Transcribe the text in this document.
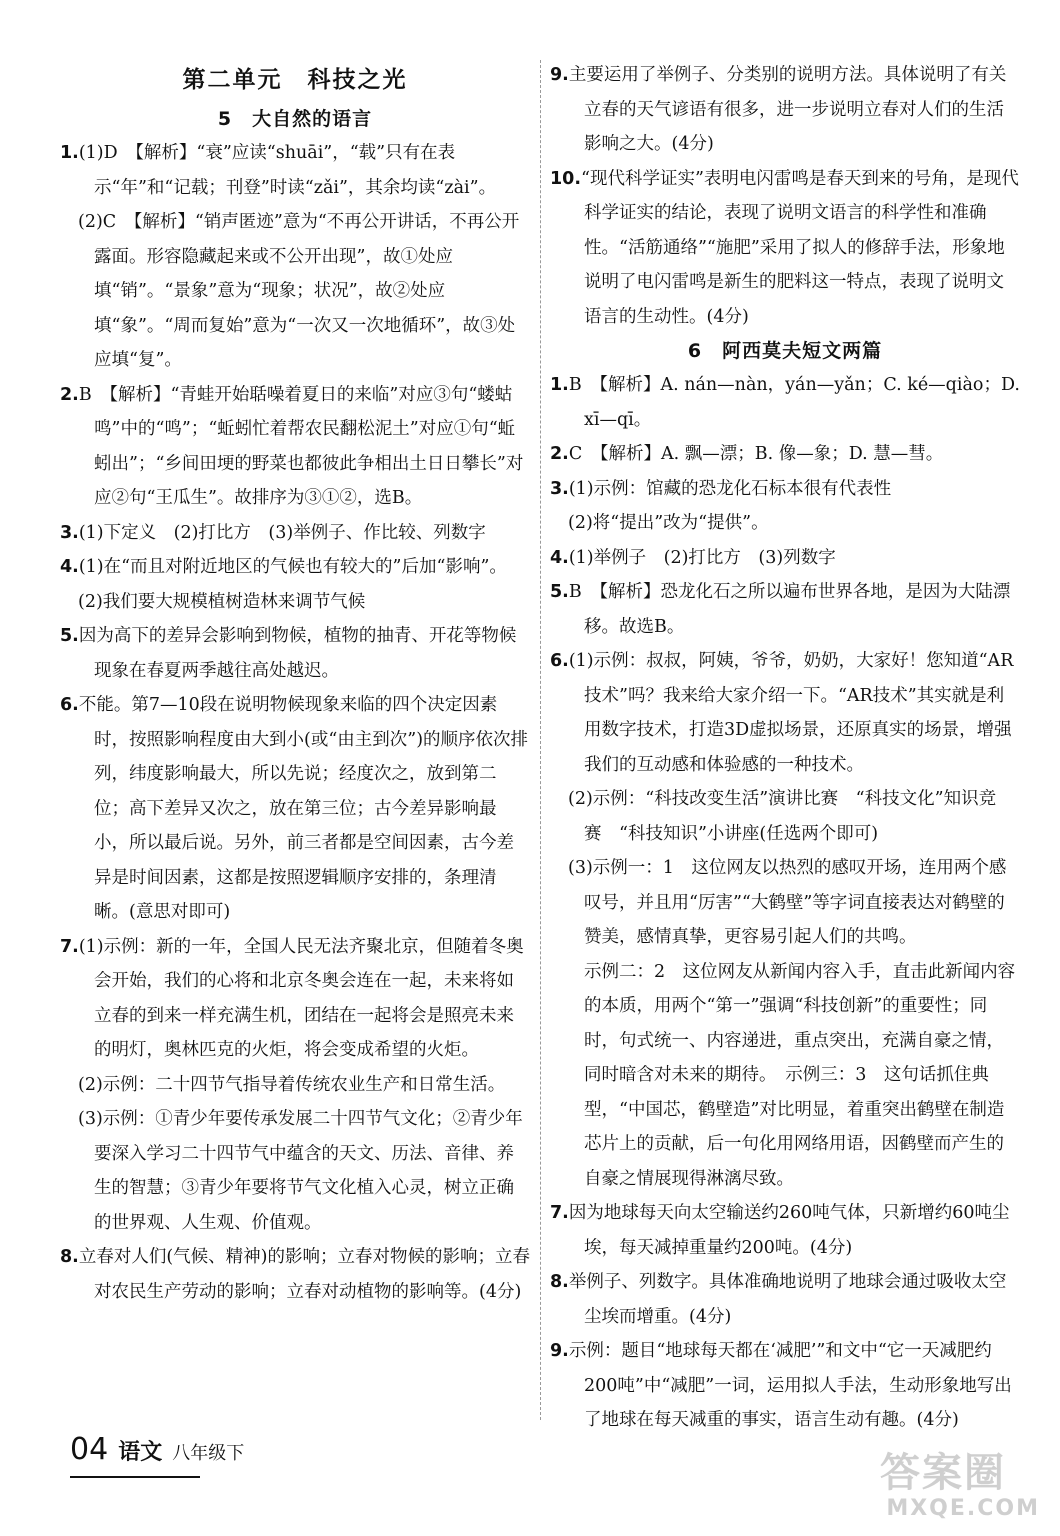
第二单元　科技之光
5　大自然的语言
1.(1)D　【解析】“衰”应读“shuāi”，“载”只有在表示“年”和“记载；刊登”时读“zǎi”，其余均读“zài”。
(2)C　【解析】“销声匿迹”意为“不再公开讲话，不再公开露面。形容隐藏起来或不公开出现”，故①处应填“销”。“景象”意为“现象；状况”，故②处应填“象”。“周而复始”意为“一次又一次地循环”，故③处应填“复”。
2.B　【解析】“青蛙开始聒噪着夏日的来临”对应③句“蝼蛄鸣”中的“鸣”；“蚯蚓忙着帮农民翻松泥土”对应①句“蚯蚓出”；“乡间田埂的野菜也都彼此争相出土日日攀长”对应②句“王瓜生”。故排序为③①②，选B。
3.(1)下定义　(2)打比方　(3)举例子、作比较、列数字
4.(1)在“而且对附近地区的气候也有较大的”后加“影响”。
(2)我们要大规模植树造林来调节气候
5.因为高下的差异会影响到物候，植物的抽青、开花等物候现象在春夏两季越往高处越迟。
6.不能。第7—10段在说明物候现象来临的四个决定因素时，按照影响程度由大到小(或“由主到次”)的顺序依次排列，纬度影响最大，所以先说；经度次之，放到第二位；高下差异又次之，放在第三位；古今差异影响最小，所以最后说。另外，前三者都是空间因素，古今差异是时间因素，这都是按照逻辑顺序安排的，条理清晰。(意思对即可)
7.(1)示例：新的一年，全国人民无法齐聚北京，但随着冬奥会开始，我们的心将和北京冬奥会连在一起，未来将如立春的到来一样充满生机，团结在一起将会是照亮未来的明灯，奥林匹克的火炬，将会变成希望的火炬。
(2)示例：二十四节气指导着传统农业生产和日常生活。
(3)示例：①青少年要传承发展二十四节气文化；②青少年要深入学习二十四节气中蕴含的天文、历法、音律、养生的智慧；③青少年要将节气文化植入心灵，树立正确的世界观、人生观、价值观。
8.立春对人们(气候、精神)的影响；立春对物候的影响；立春对农民生产劳动的影响；立春对动植物的影响等。(4分)
9.主要运用了举例子、分类别的说明方法。具体说明了有关立春的天气谚语有很多，进一步说明立春对人们的生活影响之大。(4分)
10.“现代科学证实”表明电闪雷鸣是春天到来的号角，是现代科学证实的结论，表现了说明文语言的科学性和准确性。“活筋通络”“施肥”采用了拟人的修辞手法，形象地说明了电闪雷鸣是新生的肥料这一特点，表现了说明文语言的生动性。(4分)
6　阿西莫夫短文两篇
1.B　【解析】A. nán—nàn，yán—yǎn；C. ké—qiào；D. xī—qī。
2.C　【解析】A. 飘—漂；B. 像—象；D. 慧—彗。
3.(1)示例：馆藏的恐龙化石标本很有代表性
(2)将“提出”改为“提供”。
4.(1)举例子　(2)打比方　(3)列数字
5.B　【解析】恐龙化石之所以遍布世界各地，是因为大陆漂移。故选B。
6.(1)示例：叔叔，阿姨，爷爷，奶奶，大家好！您知道“AR技术”吗？我来给大家介绍一下。“AR技术”其实就是利用数字技术，打造3D虚拟场景，还原真实的场景，增强我们的互动感和体验感的一种技术。
(2)示例：“科技改变生活”演讲比赛　“科技文化”知识竞赛　“科技知识”小讲座(任选两个即可)
(3)示例一：1　这位网友以热烈的感叹开场，连用两个感叹号，并且用“厉害”“大鹤壁”等字词直接表达对鹤壁的赞美，感情真挚，更容易引起人们的共鸣。
示例二：2　这位网友从新闻内容入手，直击此新闻内容的本质，用两个“第一”强调“科技创新”的重要性；同时，句式统一、内容递进，重点突出，充满自豪之情，同时暗含对未来的期待。　示例三：3　这句话抓住典型，“中国芯，鹤壁造”对比明显，着重突出鹤壁在制造芯片上的贡献，后一句化用网络用语，因鹤壁而产生的自豪之情展现得淋漓尽致。
7.因为地球每天向太空输送约260吨气体，只新增约60吨尘埃，每天减掉重量约200吨。(4分)
8.举例子、列数字。具体准确地说明了地球会通过吸收太空尘埃而增重。(4分)
9.示例：题目“地球每天都在‘减肥’”和文中“它一天减肥约200吨”中“减肥”一词，运用拟人手法，生动形象地写出了地球在每天减重的事实，语言生动有趣。(4分)
04 语文 八年级下	答案圈
MXQE.COM
